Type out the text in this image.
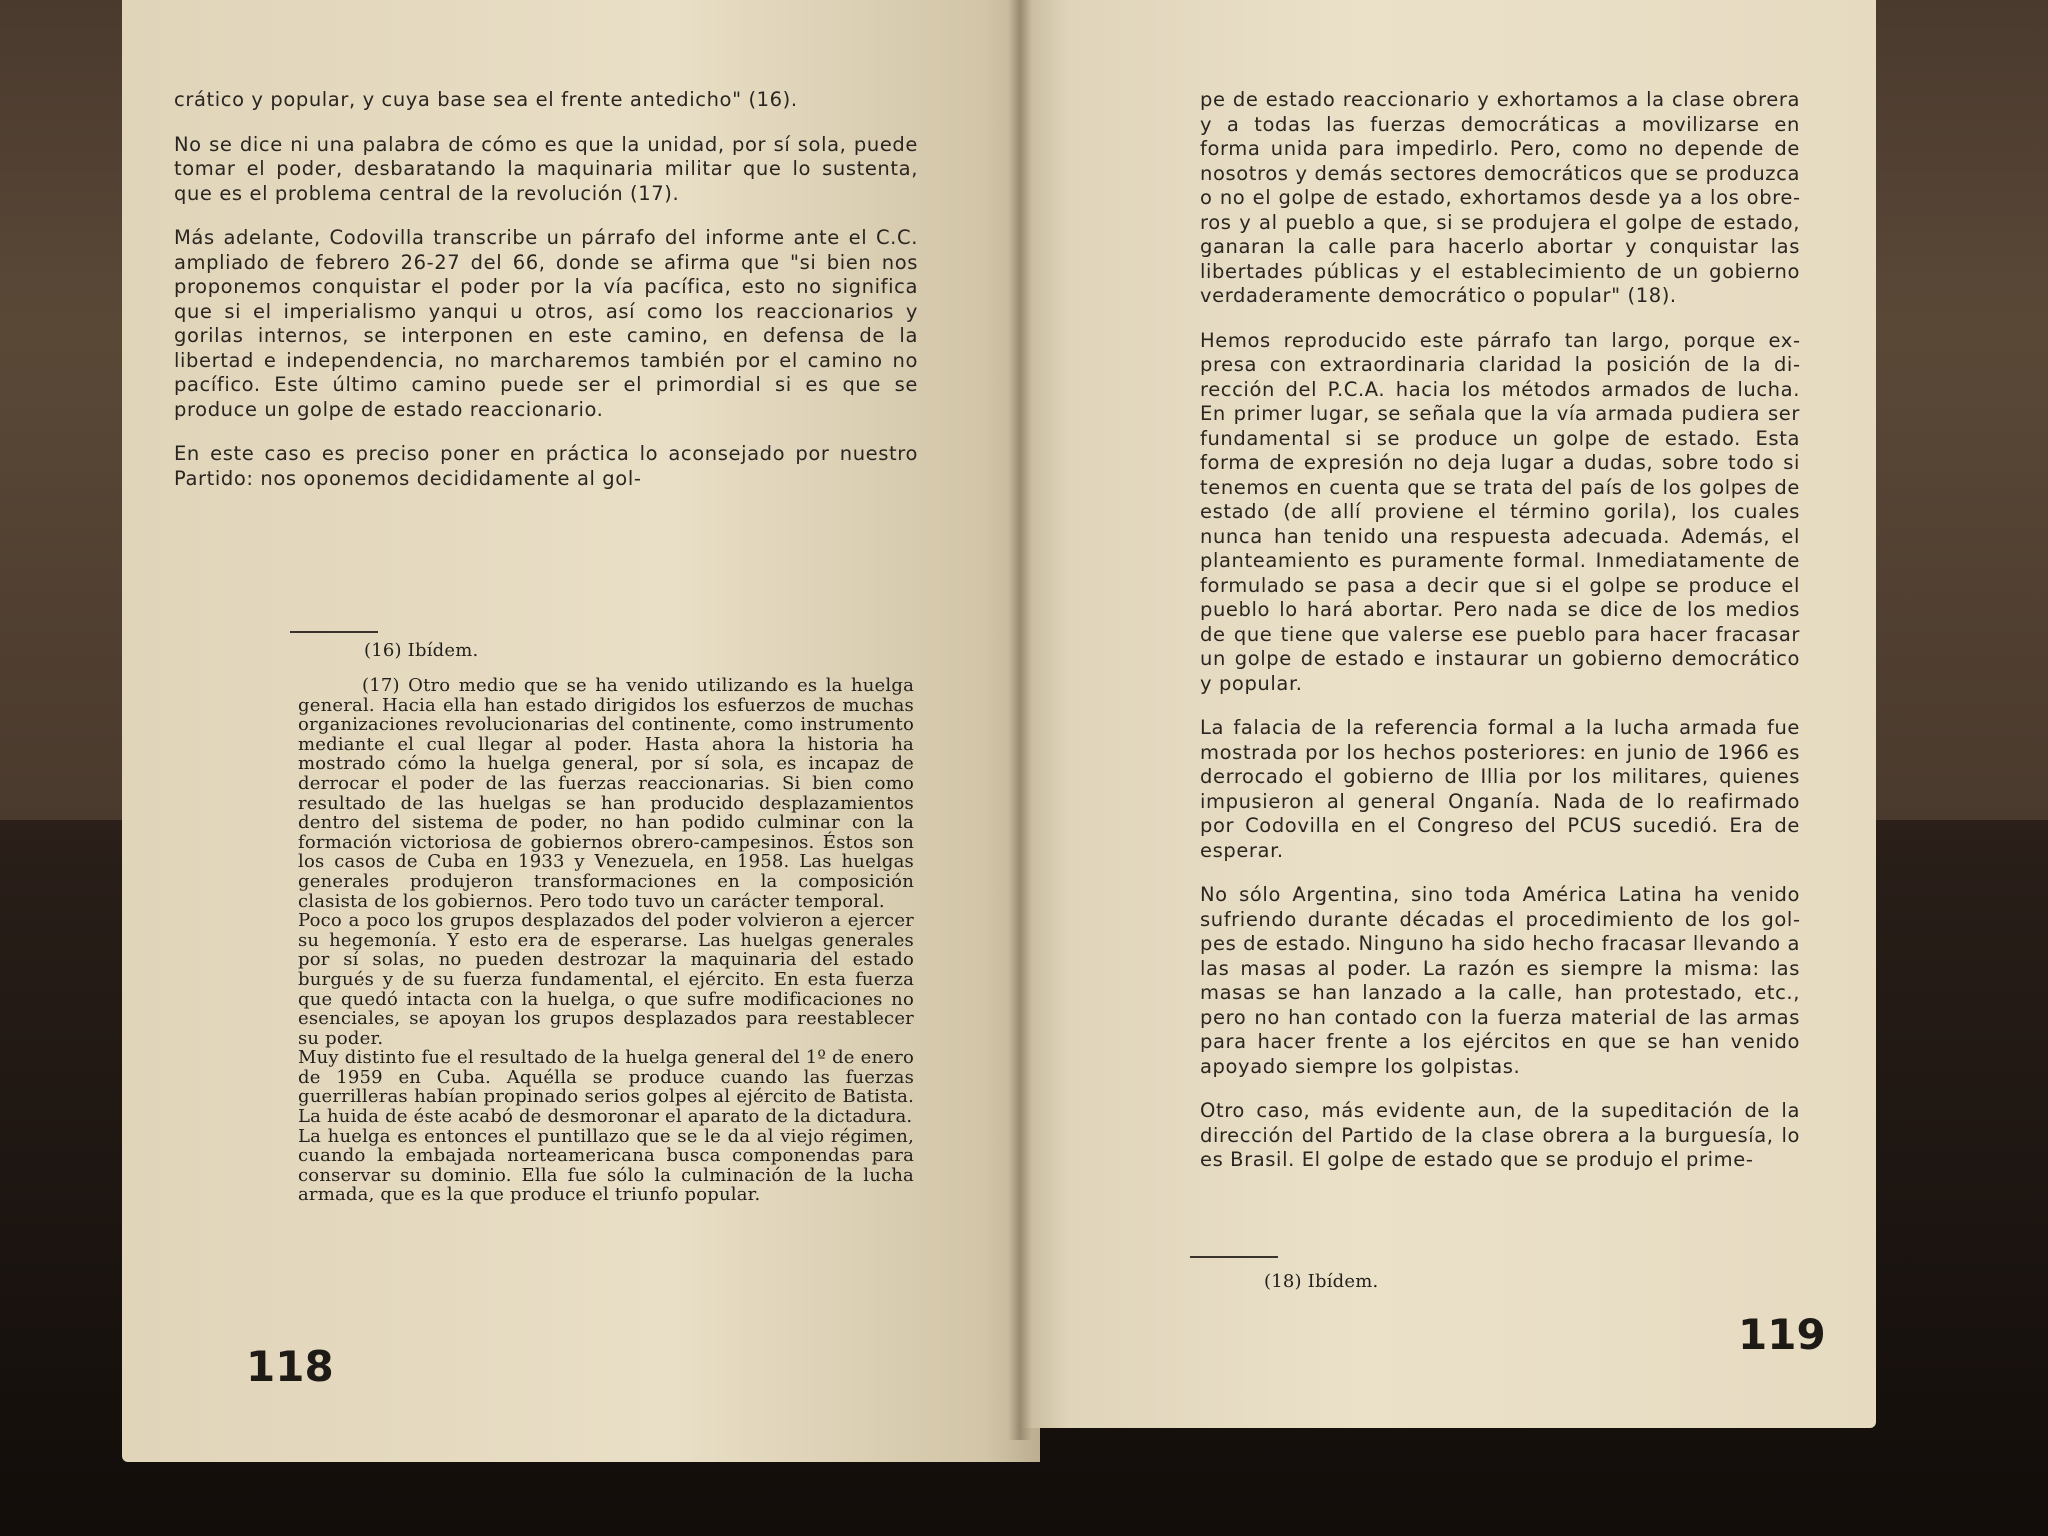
crático y popular, y cuya base sea el frente antedicho" (16).

No se dice ni una palabra de cómo es que la unidad, por sí sola, puede tomar el poder, desbaratando la maquinaria militar que lo sustenta, que es el problema central de la revolución (17).

Más adelante, Codovilla transcribe un párrafo del informe ante el C.C. ampliado de febrero 26-27 del 66, donde se afirma que "si bien nos proponemos conquistar el poder por la vía pacífica, esto no significa que si el imperialismo yanqui u otros, así como los reaccionarios y gorilas internos, se interponen en este camino, en defensa de la libertad e independencia, no marcharemos también por el camino no pacífico. Este último camino puede ser el primordial si es que se produce un golpe de estado reaccionario.

En este caso es preciso poner en práctica lo aconsejado por nuestro Partido: nos oponemos decididamente al gol-

(16) Ibídem.

(17) Otro medio que se ha venido utilizando es la huelga general. Hacia ella han estado dirigidos los esfuerzos de muchas organizaciones revolucionarias del continente, como instrumento mediante el cual llegar al poder. Hasta ahora la historia ha mostrado cómo la huelga general, por sí sola, es incapaz de derrocar el poder de las fuerzas reaccionarias. Si bien como resultado de las huelgas se han producido desplazamientos dentro del sistema de poder, no han podido culminar con la formación victoriosa de gobiernos obrero-campesinos. Éstos son los casos de Cuba en 1933 y Venezuela, en 1958. Las huelgas generales produjeron transformaciones en la composición clasista de los gobiernos. Pero todo tuvo un carácter temporal.

Poco a poco los grupos desplazados del poder volvieron a ejercer su hegemonía. Y esto era de esperarse. Las huelgas generales por sí solas, no pueden destrozar la maquinaria del estado burgués y de su fuerza fundamental, el ejército. En esta fuerza que quedó intacta con la huelga, o que sufre modificaciones no esenciales, se apoyan los grupos desplazados para reestablecer su poder.

Muy distinto fue el resultado de la huelga general del 1º de enero de 1959 en Cuba. Aquélla se produce cuando las fuerzas guerrilleras habían propinado serios golpes al ejército de Batista. La huida de éste acabó de desmoronar el aparato de la dictadura.

La huelga es entonces el puntillazo que se le da al viejo régimen, cuando la embajada norteamericana busca componendas para conservar su dominio. Ella fue sólo la culminación de la lucha armada, que es la que produce el triunfo popular.

118

pe de estado reaccionario y exhortamos a la clase obrera y a todas las fuerzas democráticas a movilizarse en forma unida para impedirlo. Pero, como no depende de nosotros y demás sectores democráticos que se produzca o no el golpe de estado, exhortamos desde ya a los obreros y al pueblo a que, si se produjera el golpe de estado, ganaran la calle para hacerlo abortar y conquistar las libertades públicas y el establecimiento de un gobierno verdaderamente democrático o popular" (18).

Hemos reproducido este párrafo tan largo, porque expresa con extraordinaria claridad la posición de la dirección del P.C.A. hacia los métodos armados de lucha. En primer lugar, se señala que la vía armada pudiera ser fundamental si se produce un golpe de estado. Esta forma de expresión no deja lugar a dudas, sobre todo si tenemos en cuenta que se trata del país de los golpes de estado (de allí proviene el término gorila), los cuales nunca han tenido una respuesta adecuada. Además, el planteamiento es puramente formal. Inmediatamente de formulado se pasa a decir que si el golpe se produce el pueblo lo hará abortar. Pero nada se dice de los medios de que tiene que valerse ese pueblo para hacer fracasar un golpe de estado e instaurar un gobierno democrático y popular.

La falacia de la referencia formal a la lucha armada fue mostrada por los hechos posteriores: en junio de 1966 es derrocado el gobierno de Illia por los militares, quienes impusieron al general Onganía. Nada de lo reafirmado por Codovilla en el Congreso del PCUS sucedió. Era de esperar.

No sólo Argentina, sino toda América Latina ha venido sufriendo durante décadas el procedimiento de los golpes de estado. Ninguno ha sido hecho fracasar llevando a las masas al poder. La razón es siempre la misma: las masas se han lanzado a la calle, han protestado, etc., pero no han contado con la fuerza material de las armas para hacer frente a los ejércitos en que se han venido apoyado siempre los golpistas.

Otro caso, más evidente aun, de la supeditación de la dirección del Partido de la clase obrera a la burguesía, lo es Brasil. El golpe de estado que se produjo el prime-

(18) Ibídem.
119
